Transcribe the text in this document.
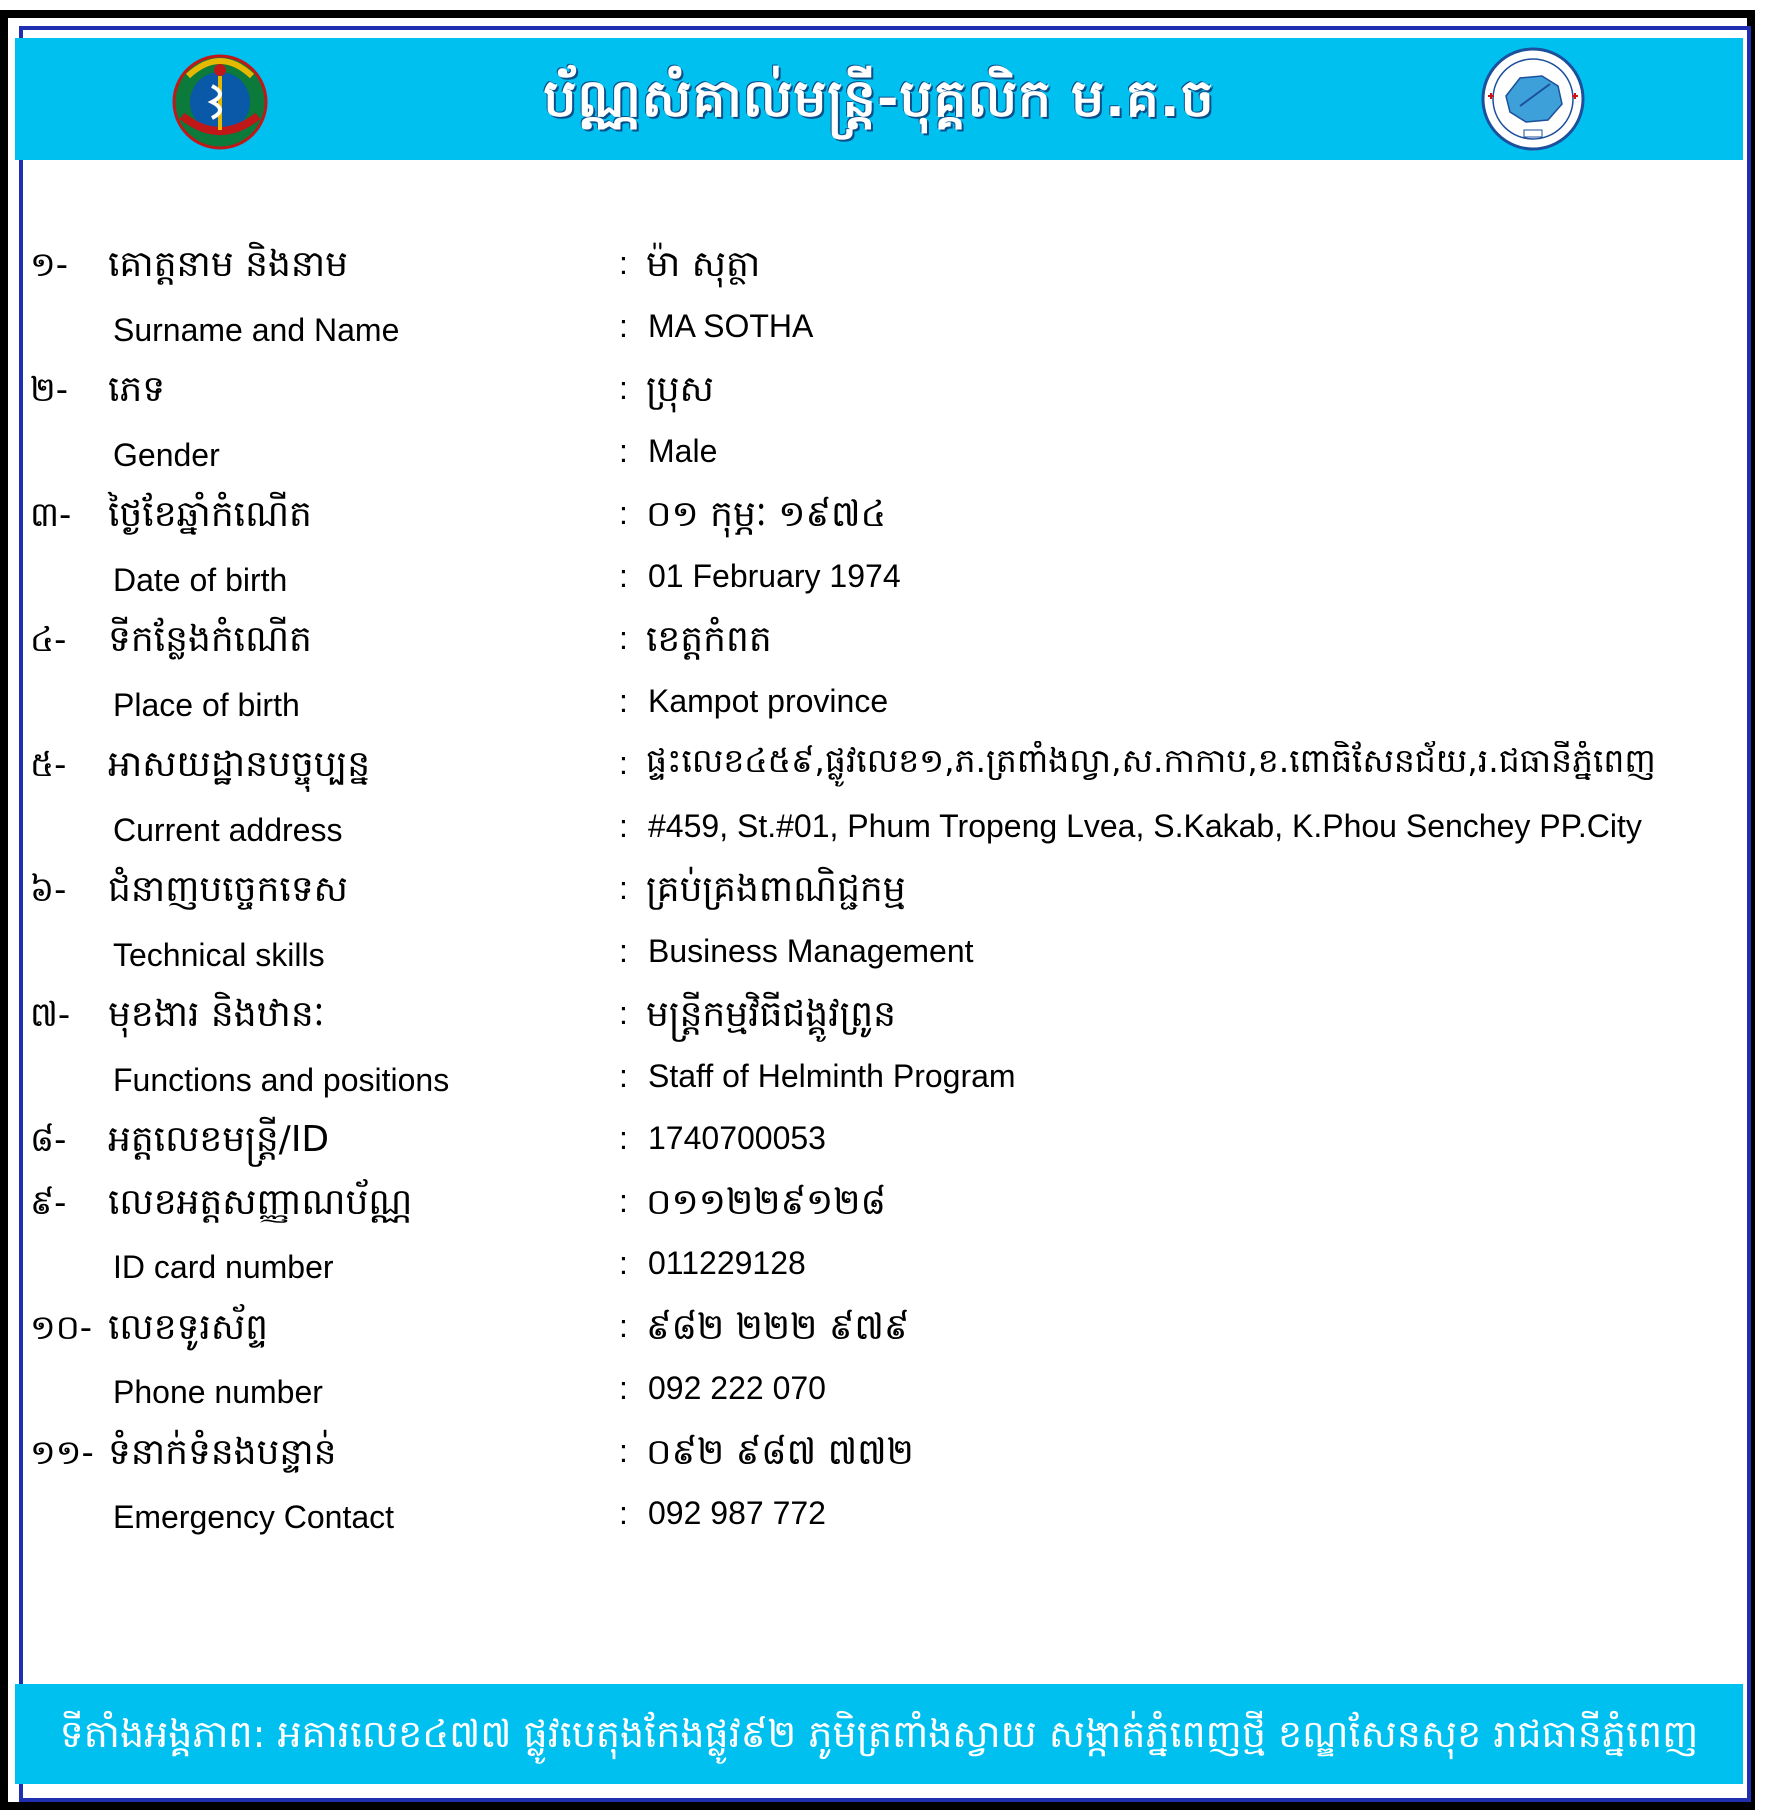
ប័ណ្ណសំគាល់មន្ត្រី-បុគ្គលិក ម.គ.ច
១- គោត្តនាម និងនាម	: ម៉ា សុត្ថា
Surname and Name	: MA SOTHA
២- ភេទ	: ប្រុស
Gender	: Male
៣- ថ្ងៃខែឆ្នាំកំណើត	: ០១ កុម្ភៈ ១៩៧៤
Date of birth	: 01 February 1974
៤- ទីកន្លែងកំណើត	: ខេត្តកំពត
Place of birth	: Kampot province
៥- អាសយដ្ឋានបច្ចុប្បន្ន	: ផ្ទះលេខ៤៥៩,ផ្លូវលេខ១,ភ.ត្រពាំងល្វា,ស.កាកាប,ខ.ពោធិសែនជ័យ,រ.ជធានីភ្នំពេញ
Current address	: #459, St.#01, Phum Tropeng Lvea, S.Kakab, K.Phou Senchey PP.City
៦- ជំនាញបច្ចេកទេស	: គ្រប់គ្រងពាណិជ្ជកម្ម
Technical skills	: Business Management
៧- មុខងារ និងឋានៈ	: មន្ត្រីកម្មវិធីជង្គូវព្រូន
Functions and positions	: Staff of Helminth Program
៨- អត្តលេខមន្ត្រី/ID	: 1740700053
៩- លេខអត្តសញ្ញាណប័ណ្ណ	: ០១១២២៩១២៨
ID card number	: 011229128
១០- លេខទូរស័ព្ទ	: ៩៨២ ២២២ ៩៧៩
Phone number	: 092 222 070
១១- ទំនាក់ទំនងបន្ទាន់	: ០៩២ ៩៨៧ ៧៧២
Emergency Contact	: 092 987 772
ទីតាំងអង្គភាព: អគារលេខ៤៧៧ ផ្លូវបេតុងកែងផ្លូវ៩២ ភូមិត្រពាំងស្វាយ សង្កាត់ភ្នំពេញថ្មី ខណ្ឌសែនសុខ រាជធានីភ្នំពេញ
